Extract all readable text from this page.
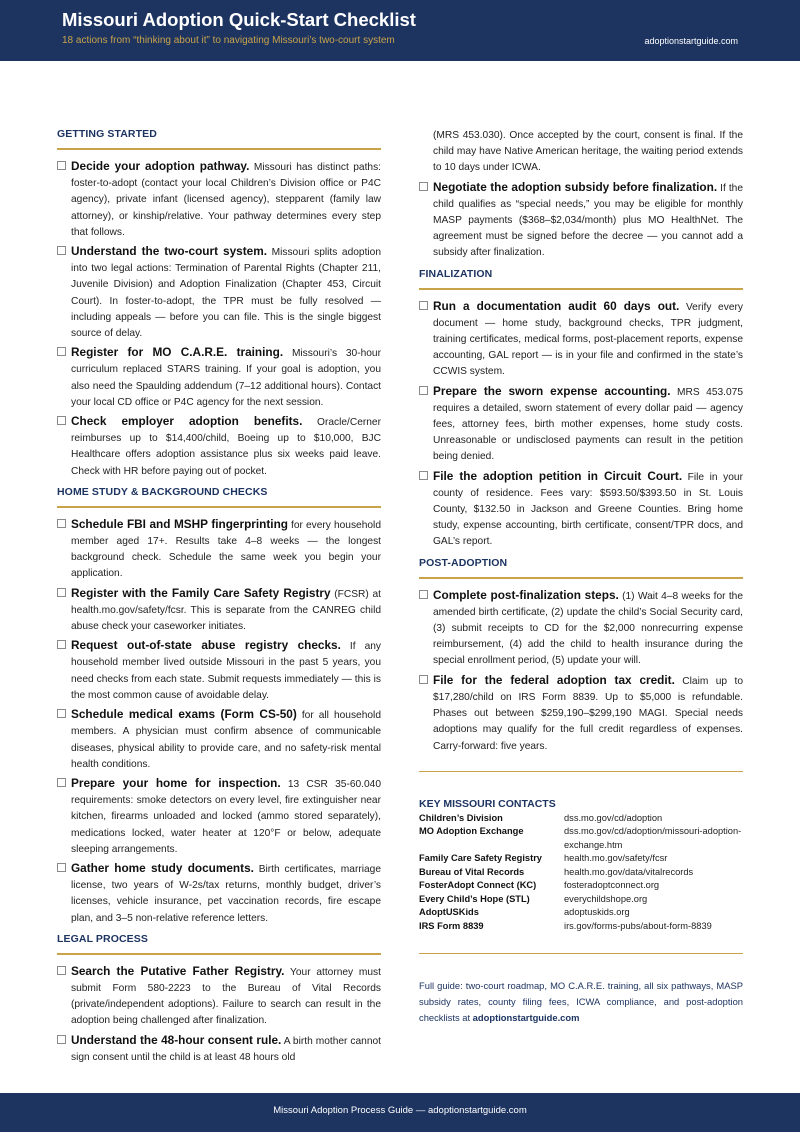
Missouri Adoption Quick-Start Checklist
18 actions from “thinking about it” to navigating Missouri’s two-court system	adoptionstartguide.com
GETTING STARTED
Decide your adoption pathway. Missouri has distinct paths: foster-to-adopt (contact your local Children’s Division office or P4C agency), private infant (licensed agency), stepparent (family law attorney), or kinship/relative. Your pathway determines every step that follows.
Understand the two-court system. Missouri splits adoption into two legal actions: Termination of Parental Rights (Chapter 211, Juvenile Division) and Adoption Finalization (Chapter 453, Circuit Court). In foster-to-adopt, the TPR must be fully resolved — including appeals — before you can file. This is the single biggest source of delay.
Register for MO C.A.R.E. training. Missouri’s 30-hour curriculum replaced STARS training. If your goal is adoption, you also need the Spaulding addendum (7–12 additional hours). Contact your local CD office or P4C agency for the next session.
Check employer adoption benefits. Oracle/Cerner reimburses up to $14,400/child, Boeing up to $10,000, BJC Healthcare offers adoption assistance plus six weeks paid leave. Check with HR before paying out of pocket.
HOME STUDY & BACKGROUND CHECKS
Schedule FBI and MSHP fingerprinting for every household member aged 17+. Results take 4–8 weeks — the longest background check. Schedule the same week you begin your application.
Register with the Family Care Safety Registry (FCSR) at health.mo.gov/safety/fcsr. This is separate from the CANREG child abuse check your caseworker initiates.
Request out-of-state abuse registry checks. If any household member lived outside Missouri in the past 5 years, you need checks from each state. Submit requests immediately — this is the most common cause of avoidable delay.
Schedule medical exams (Form CS-50) for all household members. A physician must confirm absence of communicable diseases, physical ability to provide care, and no safety-risk mental health conditions.
Prepare your home for inspection. 13 CSR 35-60.040 requirements: smoke detectors on every level, fire extinguisher near kitchen, firearms unloaded and locked (ammo stored separately), medications locked, water heater at 120°F or below, adequate sleeping arrangements.
Gather home study documents. Birth certificates, marriage license, two years of W-2s/tax returns, monthly budget, driver’s licenses, vehicle insurance, pet vaccination records, fire escape plan, and 3–5 non-relative reference letters.
LEGAL PROCESS
Search the Putative Father Registry. Your attorney must submit Form 580-2223 to the Bureau of Vital Records (private/independent adoptions). Failure to search can result in the adoption being challenged after finalization.
Understand the 48-hour consent rule. A birth mother cannot sign consent until the child is at least 48 hours old
(MRS 453.030). Once accepted by the court, consent is final. If the child may have Native American heritage, the waiting period extends to 10 days under ICWA.
Negotiate the adoption subsidy before finalization. If the child qualifies as “special needs,” you may be eligible for monthly MASP payments ($368–$2,034/month) plus MO HealthNet. The agreement must be signed before the decree — you cannot add a subsidy after finalization.
FINALIZATION
Run a documentation audit 60 days out. Verify every document — home study, background checks, TPR judgment, training certificates, medical forms, post-placement reports, expense accounting, GAL report — is in your file and confirmed in the state’s CCWIS system.
Prepare the sworn expense accounting. MRS 453.075 requires a detailed, sworn statement of every dollar paid — agency fees, attorney fees, birth mother expenses, home study costs. Unreasonable or undisclosed payments can result in the petition being denied.
File the adoption petition in Circuit Court. File in your county of residence. Fees vary: $593.50/$393.50 in St. Louis County, $132.50 in Jackson and Greene Counties. Bring home study, expense accounting, birth certificate, consent/TPR docs, and GAL’s report.
POST-ADOPTION
Complete post-finalization steps. (1) Wait 4–8 weeks for the amended birth certificate, (2) update the child’s Social Security card, (3) submit receipts to CD for the $2,000 nonrecurring expense reimbursement, (4) add the child to health insurance during the special enrollment period, (5) update your will.
File for the federal adoption tax credit. Claim up to $17,280/child on IRS Form 8839. Up to $5,000 is refundable. Phases out between $259,190–$299,190 MAGI. Special needs adoptions may qualify for the full credit regardless of expenses. Carry-forward: five years.
KEY MISSOURI CONTACTS
Children’s Division	dss.mo.gov/cd/adoption
MO Adoption Exchange	dss.mo.gov/cd/adoption/missouri-adoption-exchange.htm
Family Care Safety Registry	health.mo.gov/safety/fcsr
Bureau of Vital Records	health.mo.gov/data/vitalrecords
FosterAdopt Connect (KC)	fosteradoptconnect.org
Every Child’s Hope (STL)	everychildshope.org
AdoptUSKids	adoptuskids.org
IRS Form 8839	irs.gov/forms-pubs/about-form-8839
Full guide: two-court roadmap, MO C.A.R.E. training, all six pathways, MASP subsidy rates, county filing fees, ICWA compliance, and post-adoption checklists at adoptionstartguide.com
Missouri Adoption Process Guide — adoptionstartguide.com
